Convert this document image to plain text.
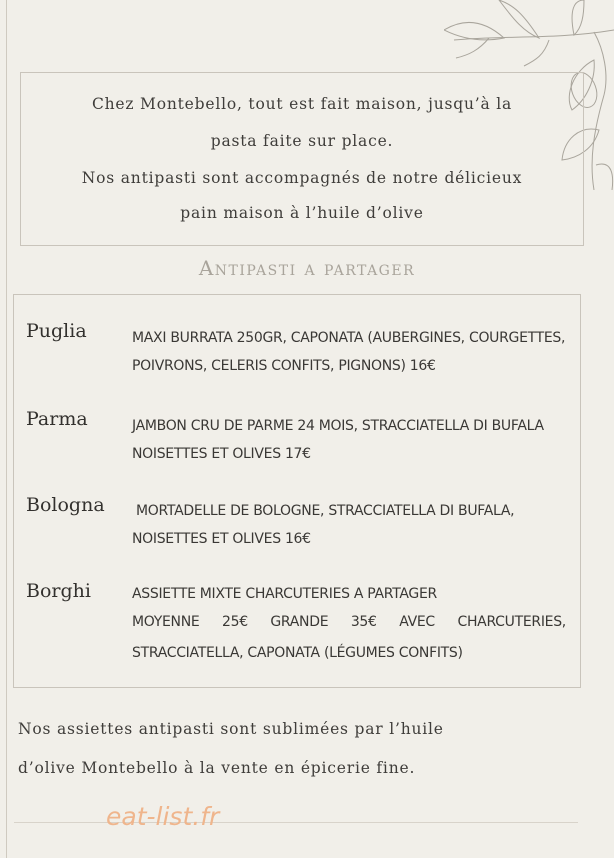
Chez Montebello, tout est fait maison, jusqu’à la
pasta faite sur place.
Nos antipasti sont accompagnés de notre délicieux
pain maison à l’huile d’olive
Antipasti a partager
Puglia	MAXI BURRATA 250GR, CAPONATA (AUBERGINES, COURGETTES,
POIVRONS, CELERIS CONFITS, PIGNONS) 16€
Parma	JAMBON CRU DE PARME 24 MOIS, STRACCIATELLA DI BUFALA
NOISETTES ET OLIVES 17€
Bologna MORTADELLE DE BOLOGNE, STRACCIATELLA DI BUFALA,
NOISETTES ET OLIVES 16€
Borghi	ASSIETTE MIXTE CHARCUTERIES A PARTAGER
MOYENNE 25€ GRANDE 35€ AVEC CHARCUTERIES,
STRACCIATELLA, CAPONATA (LÉGUMES CONFITS)
Nos assiettes antipasti sont sublimées par l’huile
d’olive Montebello à la vente en épicerie fine.
eat-list.fr
